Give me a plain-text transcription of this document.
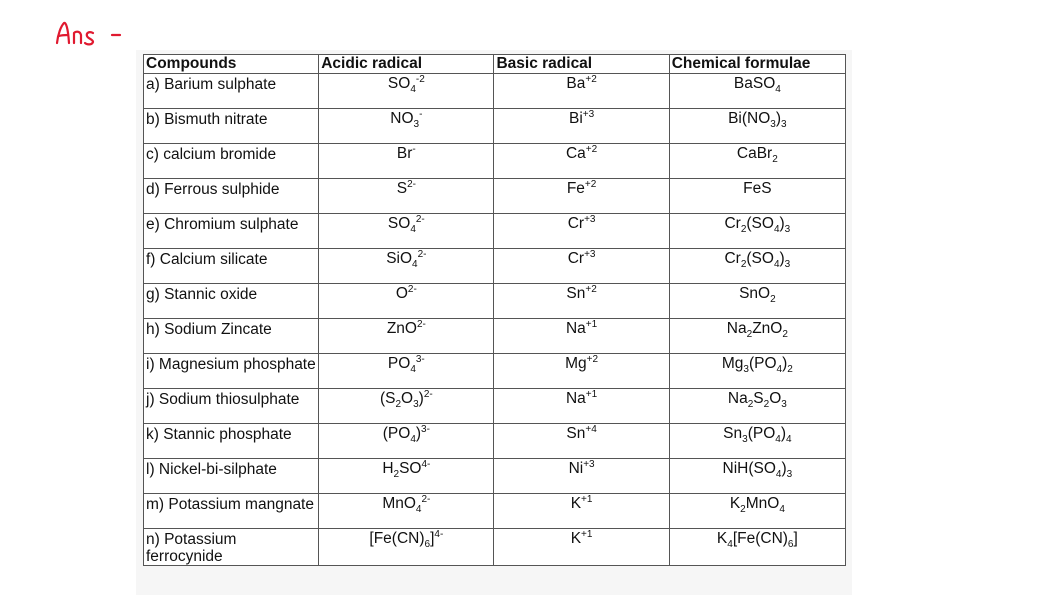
Compounds	Acidic radical	Basic radical	Chemical formulae
a) Barium sulphate	$SO_4^{-2}$	$Ba^{+2}$	BaSO$_4$
b) Bismuth nitrate	$NO_3^-$	$Bi^{+3}$	$Bi(NO_3)_3$
c) calcium bromide	Br-	$Ca^{+2}$	CaBr$_2$
d) Ferrous sulphide	$S^{2-}$	$Fe^{+2}$	FeS
e) Chromium sulphate	$SO_4^{2-}$	$Cr^{+3}$	$Cr_2(SO_4)_3$
f) Calcium silicate	SiO$_4^{2-}$	$Cr^{+3}$	$Cr_2(SO_4)_3$
g) Stannic oxide	$O^{2-}$	$Sn^{+2}$	SnO$_2$
h) Sodium Zincate	ZnO$^{2-}$	$Na^{+1}$	$Na_2ZnO_2$
i) Magnesium phosphate	$PO_4^{3-}$	$Mg^{+2}$	$Mg_3(PO_4)_2$
j) Sodium thiosulphate	$(S_2O_3)^{2-}$	$Na^{+1}$	$Na_2S_2O_3$
k) Stannic phosphate	$(PO_4)^{3-}$	$Sn^{+4}$	$Sn_3(PO_4)_4$
l) Nickel-bi-silphate	$H_2SO^{4-}$	$Ni^{+3}$	$NiH(SO_4)_3$
m) Potassium mangnate	MnO$_4^{2-}$	$K^{+1}$	$K_2MnO_4$
n) Potassium ferrocynide	$[Fe(CN)_6]^{4-}$	$K^{+1}$	$K_4[Fe(CN)_6]$
